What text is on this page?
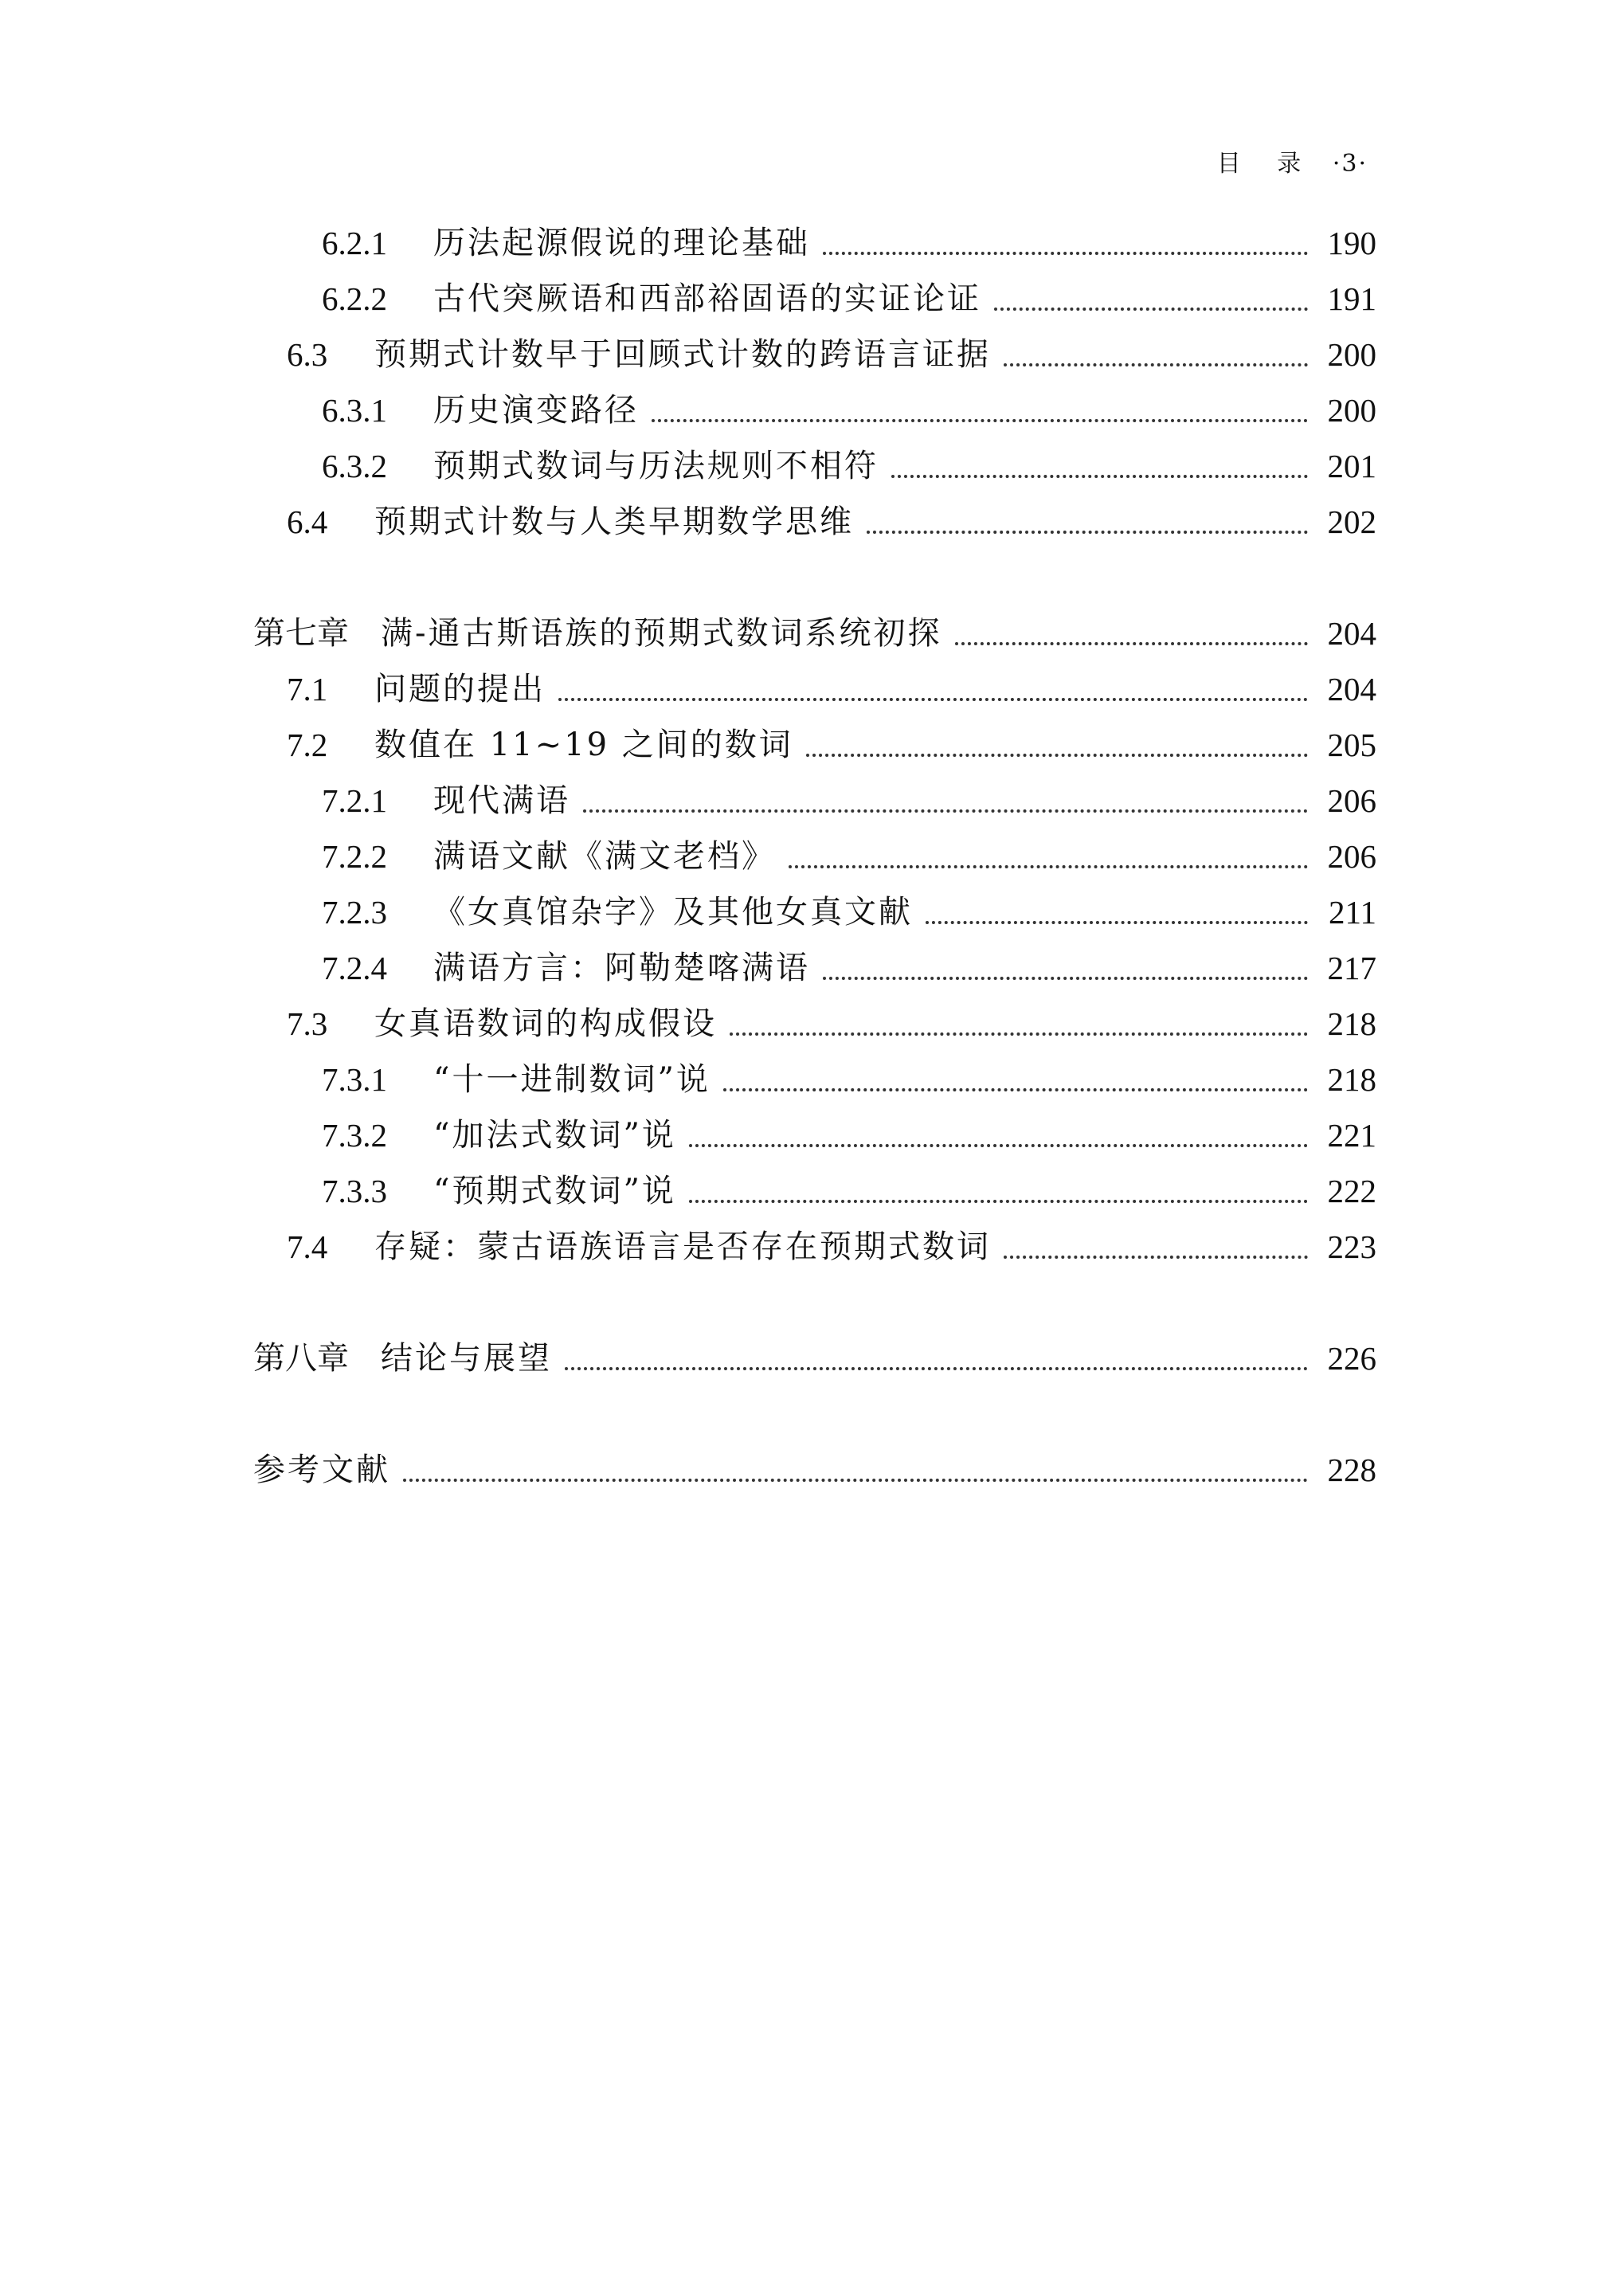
目 录 ·3·
6.2.1	历法起源假说的理论基础	190
6.2.2	古代突厥语和西部裕固语的实证论证	191
6.3	预期式计数早于回顾式计数的跨语言证据	200
6.3.1	历史演变路径	200
6.3.2	预期式数词与历法规则不相符	201
6.4	预期式计数与人类早期数学思维	202
第七章 满-通古斯语族的预期式数词系统初探	204
7.1	问题的提出	204
7.2	数值在 11~19 之间的数词	205
7.2.1	现代满语	206
7.2.2	满语文献《满文老档》	206
7.2.3	《女真馆杂字》及其他女真文献	211
7.2.4	满语方言：阿勒楚喀满语	217
7.3	女真语数词的构成假设	218
7.3.1	“十一进制数词”说	218
7.3.2	“加法式数词”说	221
7.3.3	“预期式数词”说	222
7.4	存疑：蒙古语族语言是否存在预期式数词	223
第八章 结论与展望	226
参考文献	228
